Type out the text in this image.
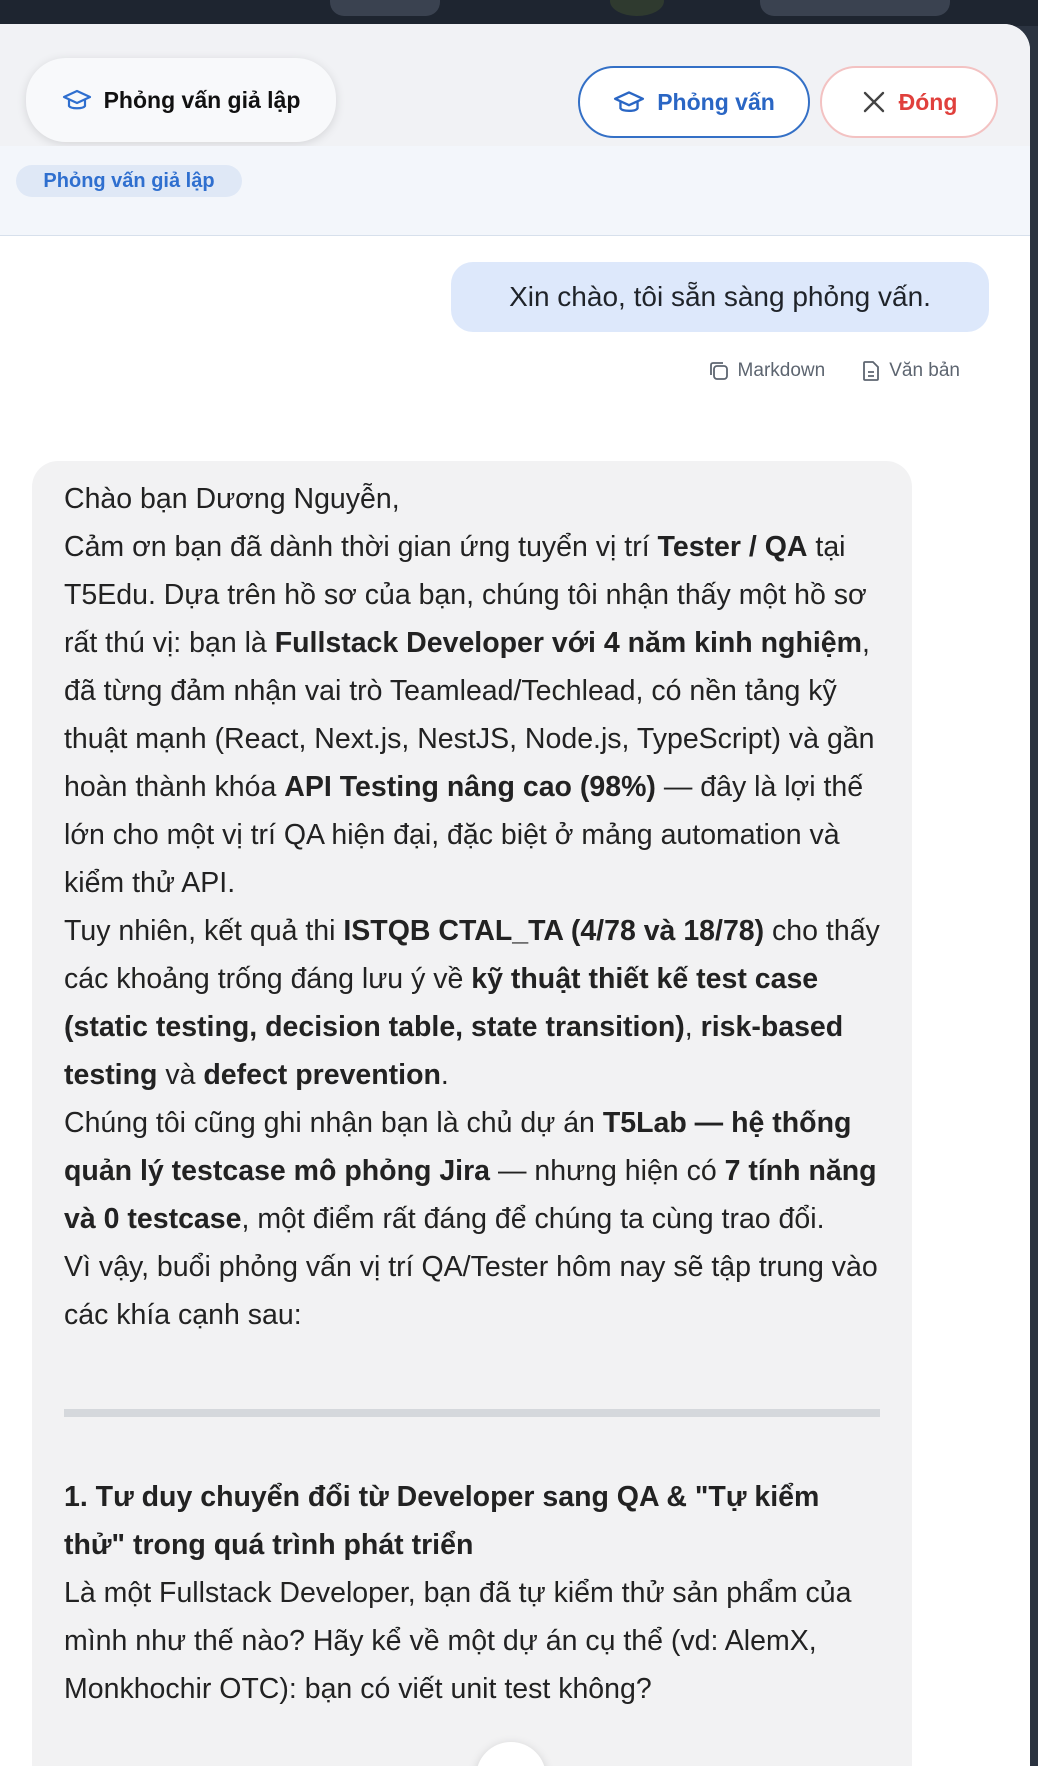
Phỏng vấn giả lập	Phỏng vấn	Đóng
Phỏng vấn giả lập
Xin chào, tôi sẵn sàng phỏng vấn.
Markdown	Văn bản

Chào bạn Dương Nguyễn,

Cảm ơn bạn đã dành thời gian ứng tuyển vị trí Tester / QA tại T5Edu. Dựa trên hồ sơ của bạn, chúng tôi nhận thấy một hồ sơ rất thú vị: bạn là Fullstack Developer với 4 năm kinh nghiệm, đã từng đảm nhận vai trò Teamlead/Techlead, có nền tảng kỹ thuật mạnh (React, Next.js, NestJS, Node.js, TypeScript) và gần hoàn thành khóa API Testing nâng cao (98%) — đây là lợi thế lớn cho một vị trí QA hiện đại, đặc biệt ở mảng automation và kiểm thử API.

Tuy nhiên, kết quả thi ISTQB CTAL_TA (4/78 và 18/78) cho thấy các khoảng trống đáng lưu ý về kỹ thuật thiết kế test case (static testing, decision table, state transition), risk-based testing và defect prevention.

Chúng tôi cũng ghi nhận bạn là chủ dự án T5Lab — hệ thống quản lý testcase mô phỏng Jira — nhưng hiện có 7 tính năng và 0 testcase, một điểm rất đáng để chúng ta cùng trao đổi.

Vì vậy, buổi phỏng vấn vị trí QA/Tester hôm nay sẽ tập trung vào các khía cạnh sau:

1. Tư duy chuyển đổi từ Developer sang QA & "Tự kiểm thử" trong quá trình phát triển

Là một Fullstack Developer, bạn đã tự kiểm thử sản phẩm của mình như thế nào? Hãy kể về một dự án cụ thể (vd: AlemX, Monkhochir OTC): bạn có viết unit test không?
